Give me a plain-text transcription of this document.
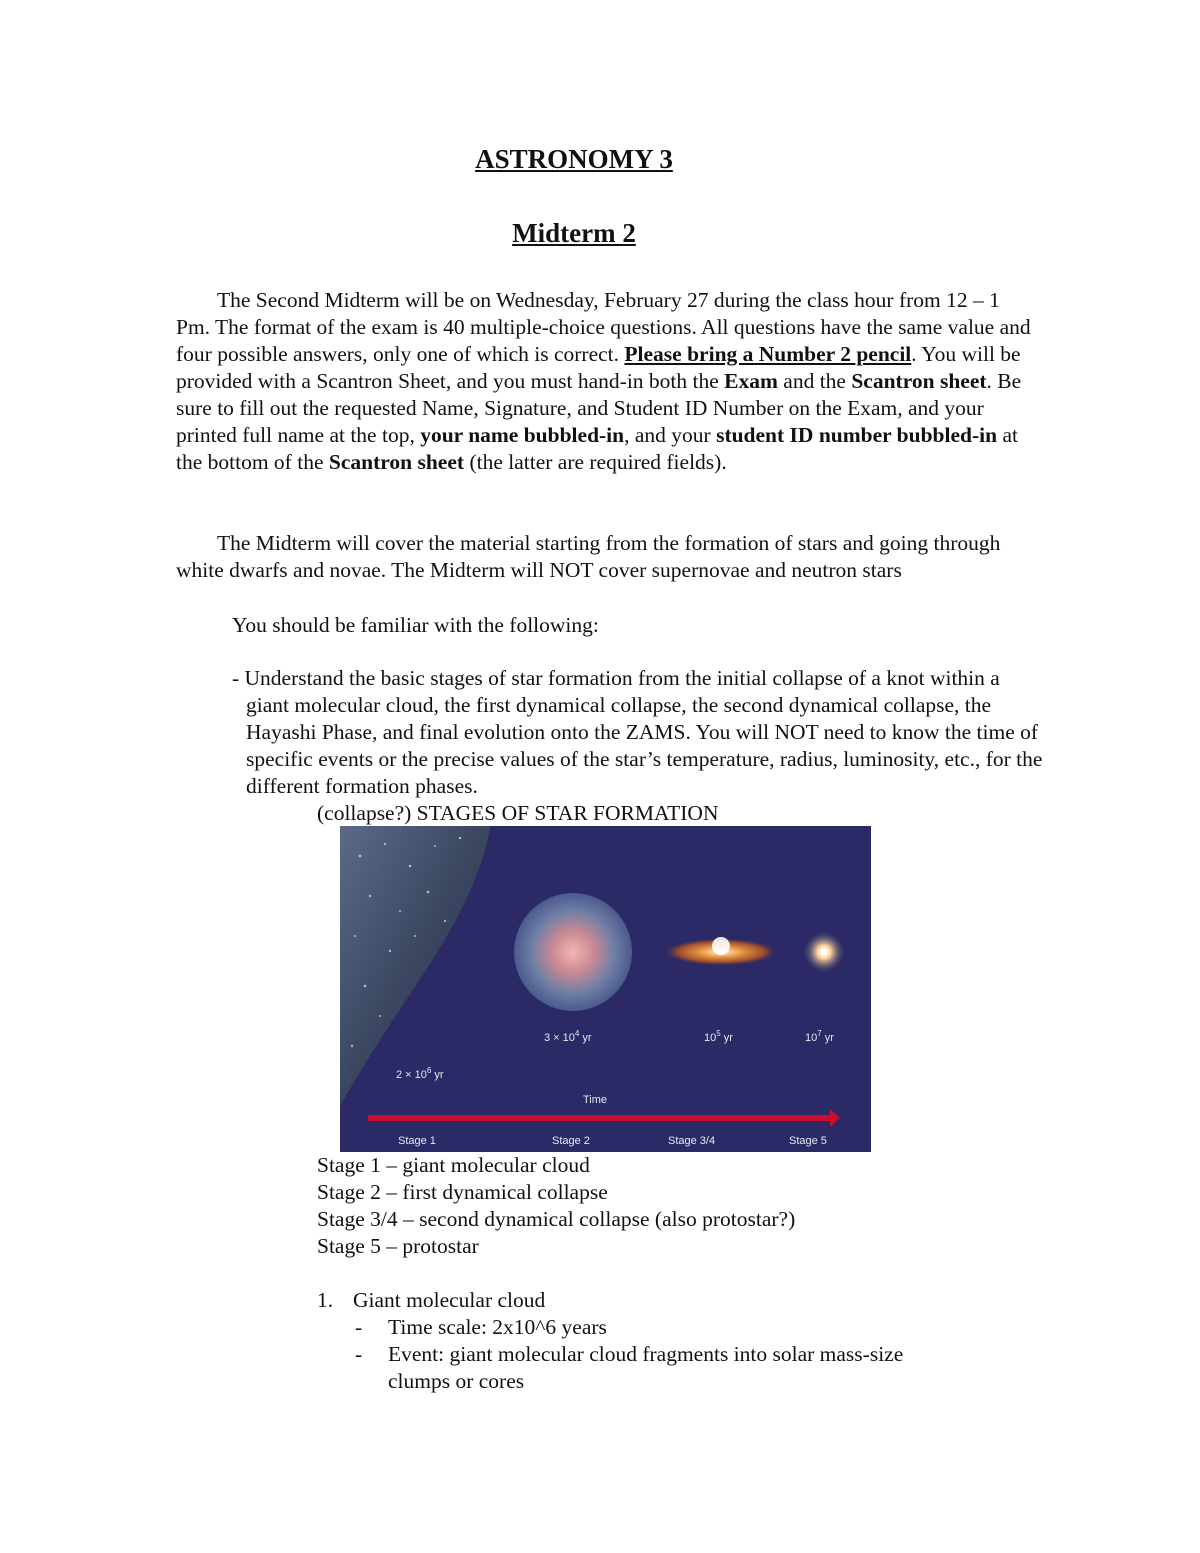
ASTRONOMY 3
Midterm 2
The Second Midterm will be on Wednesday, February 27 during the class hour from 12 – 1 Pm. The format of the exam is 40 multiple-choice questions. All questions have the same value and four possible answers, only one of which is correct. Please bring a Number 2 pencil. You will be provided with a Scantron Sheet, and you must hand-in both the Exam and the Scantron sheet. Be sure to fill out the requested Name, Signature, and Student ID Number on the Exam, and your printed full name at the top, your name bubbled-in, and your student ID number bubbled-in at the bottom of the Scantron sheet (the latter are required fields).
The Midterm will cover the material starting from the formation of stars and going through white dwarfs and novae. The Midterm will NOT cover supernovae and neutron stars
You should be familiar with the following:
- Understand the basic stages of star formation from the initial collapse of a knot within a giant molecular cloud, the first dynamical collapse, the second dynamical collapse, the Hayashi Phase, and final evolution onto the ZAMS. You will NOT need to know the time of specific events or the precise values of the star’s temperature, radius, luminosity, etc., for the different formation phases.
(collapse?) STAGES OF STAR FORMATION
$2 \times 10^6$ yr
$3 \times 10^4$ yr	$10^5$ yr	$10^7$ yr
Time
Stage 1	Stage 2	Stage 3/4	Stage 5
Stage 1 – giant molecular cloud
Stage 2 – first dynamical collapse
Stage 3/4 – second dynamical collapse (also protostar?)
Stage 5 – protostar
1. Giant molecular cloud
- Time scale: 2x10^6 years
- Event: giant molecular cloud fragments into solar mass-size
clumps or cores
